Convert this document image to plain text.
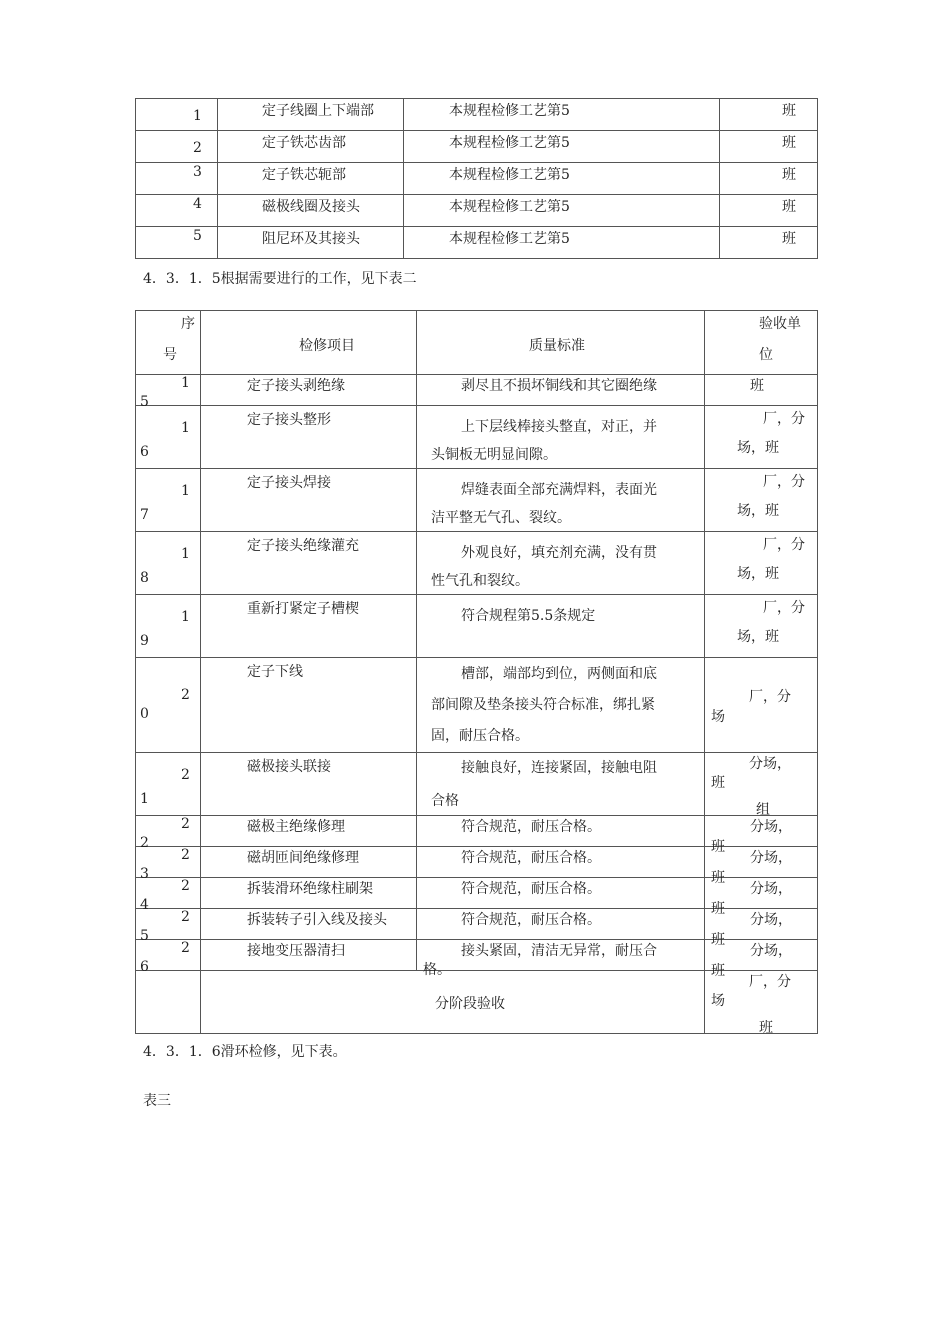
1	定子线圈上下端部	本规程检修工艺第5	班

2	定子铁芯齿部	本规程检修工艺第5	班

3	定子铁芯轭部	本规程检修工艺第5	班

4	磁极线圈及接头	本规程检修工艺第5	班

5	阻尼环及其接头	本规程检修工艺第5	班
4．3．1．5根据需要进行的工作，见下表二
序
号	检修项目	质量标准	验收单
位

1
5	定子接头剥绝缘	剥尽且不损坏铜线和其它圈绝缘	班

1
6	定子接头整形	上下层线棒接头整直，对正，并
头铜板无明显间隙。	厂，分
场，班

1
7	定子接头焊接	焊缝表面全部充满焊料，表面光
洁平整无气孔、裂纹。	厂，分
场，班

1
8	定子接头绝缘灌充	外观良好，填充剂充满，没有贯
性气孔和裂纹。	厂，分
场，班

1
9	重新打紧定子槽楔	符合规程第5.5条规定	厂，分
场，班

2
0	定子下线	槽部，端部均到位，两侧面和底
部间隙及垫条接头符合标准，绑扎紧
固，耐压合格。	厂，分
场

2
1	磁极接头联接	接触良好，连接紧固，接触电阻
合格	分场，
班
组

2
2	磁极主绝缘修理	符合规范，耐压合格。	分场，
班

2
3	磁胡匝间绝缘修理	符合规范，耐压合格。	分场，
班

2
4	拆装滑环绝缘柱刷架	符合规范，耐压合格。	分场，
班

2
5	拆装转子引入线及接头	符合规范，耐压合格。	分场，
班

2
6	接地变压器清扫	接头紧固，清洁无异常，耐压合
格。	分场，
班

	分阶段验收		厂，分
场
班
4．3．1．6滑环检修，见下表。
表三
